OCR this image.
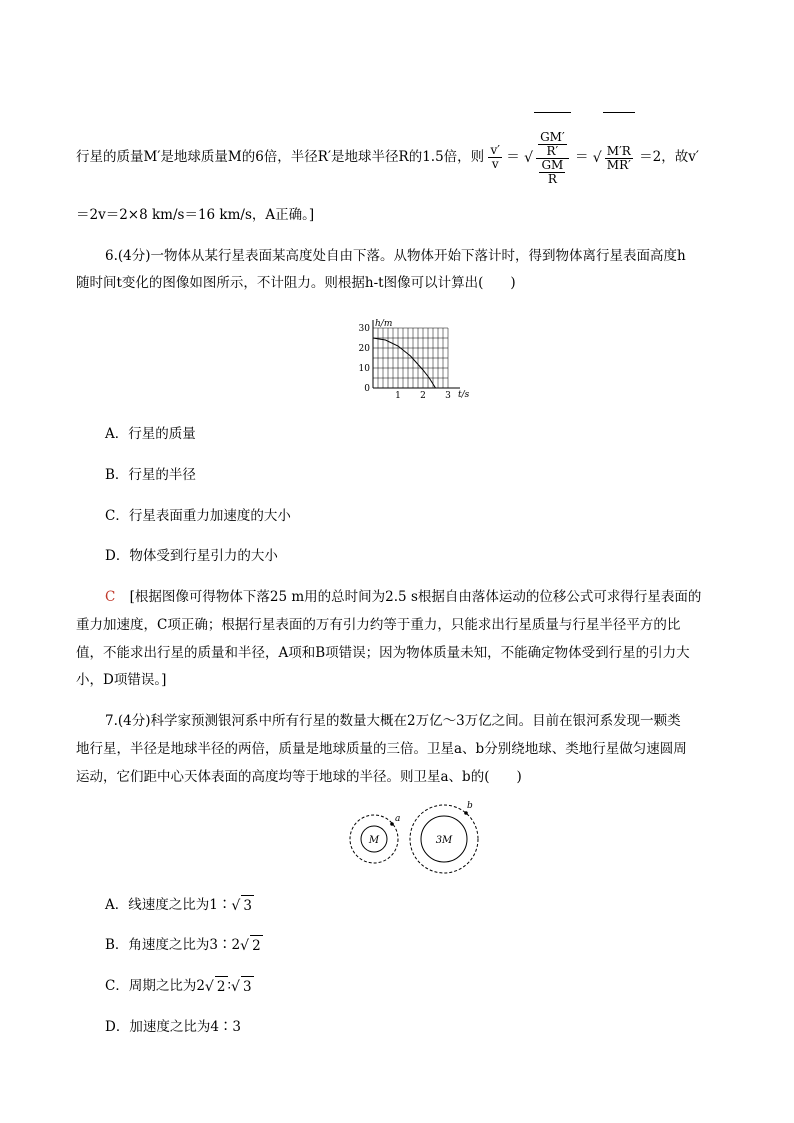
行星的质量M′是地球质量M的6倍，半径R′是地球半径R的1.5倍，则 $\frac{v'}{v}$ ＝ √ $\frac{\frac{GM'}{R'}}{\frac{GM}{R}}$ ＝ √ $\frac{M'R}{MR'} =2$，故v′
＝2v＝2×8 km/s＝16 km/s，A正确。]
6.(4分)一物体从某行星表面某高度处自由下落。从物体开始下落计时，得到物体离行星表面高度h
随时间t变化的图像如图所示，不计阻力。则根据h-t图像可以计算出(　　)
1 2 3
0
10
20
30 h/m
t/s
A．行星的质量
B．行星的半径
C．行星表面重力加速度的大小
D．物体受到行星引力的大小
C [根据图像可得物体下落25 m用的总时间为2.5 s根据自由落体运动的位移公式可求得行星表面的
重力加速度，C项正确；根据行星表面的万有引力约等于重力，只能求出行星质量与行星半径平方的比
值，不能求出行星的质量和半径，A项和B项错误；因为物体质量未知，不能确定物体受到行星的引力大
小，D项错误。]
7.(4分)科学家预测银河系中所有行星的数量大概在2万亿～3万亿之间。目前在银河系发现一颗类
地行星，半径是地球半径的两倍，质量是地球质量的三倍。卫星a、b分别绕地球、类地行星做匀速圆周
运动，它们距中心天体表面的高度均等于地球的半径。则卫星a、b的(　　)
M
a
3M
b
A．线速度之比为1∶ √ 3
B．角速度之比为3∶2 √ 2
C．周期之比为2 √ 2 ∶ √ 3
D．加速度之比为4∶3
